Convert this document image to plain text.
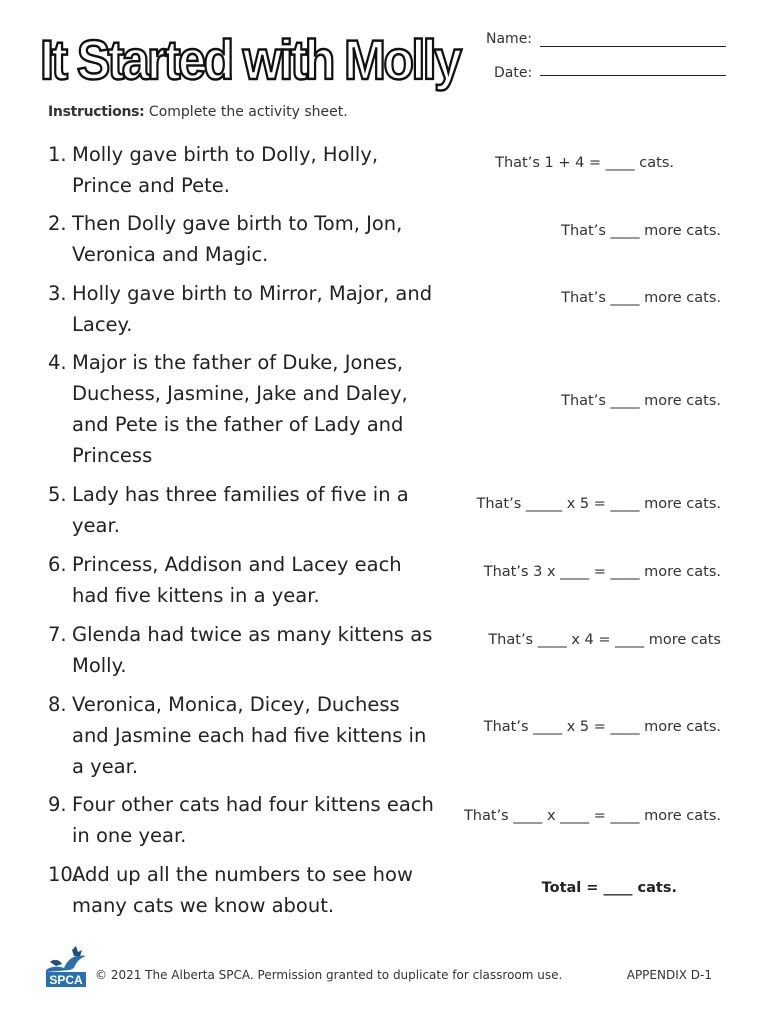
It Started with Molly Name:
Date:
Instructions: Complete the activity sheet.
1. Molly gave birth to Dolly, Holly, Prince and Pete.
That’s 1 + 4 = ____ cats.
2. Then Dolly gave birth to Tom, Jon, Veronica and Magic.
That’s ____ more cats.
3. Holly gave birth to Mirror, Major, and Lacey.
That’s ____ more cats.
4. Major is the father of Duke, Jones, Duchess, Jasmine, Jake and Daley, and Pete is the father of Lady and Princess
That’s ____ more cats.
5. Lady has three families of five in a year.
That’s _____ x 5 = ____ more cats.
6. Princess, Addison and Lacey each had five kittens in a year.
That’s 3 x ____ = ____ more cats.
7. Glenda had twice as many kittens as Molly.
That’s ____ x 4 = ____ more cats
8. Veronica, Monica, Dicey, Duchess and Jasmine each had five kittens in a year.
That’s ____ x 5 = ____ more cats.
9. Four other cats had four kittens each in one year.
That’s ____ x ____ = ____ more cats.
10.
Add up all the numbers to see how many cats we know about.
Total = ____ cats.
SPCA © 2021 The Alberta SPCA. Permission granted to duplicate for classroom use.	APPENDIX D-1
